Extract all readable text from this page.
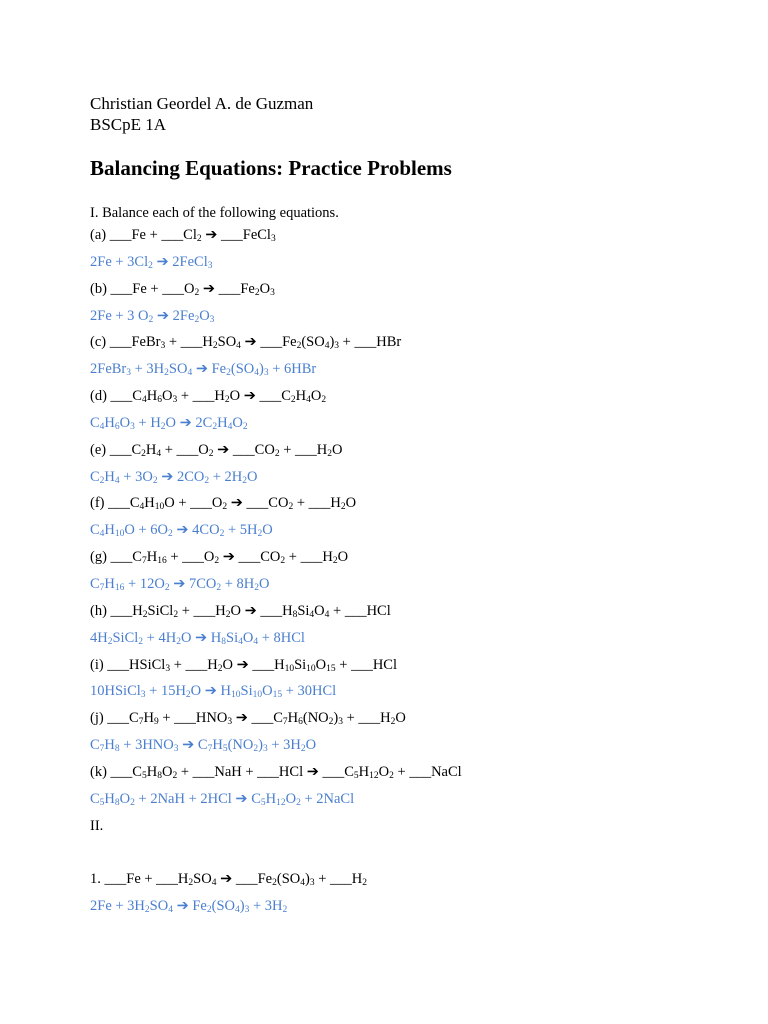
Christian Geordel A. de Guzman
BSCpE 1A
Balancing Equations: Practice Problems
I. Balance each of the following equations.
(a) ___Fe + $\_\_\_Cl_2$ ➔ ___FeCl$_3$
$2Fe + 3Cl_2$ ➔ 2FeCl$_3$
(b) ___Fe + $\_\_\_O_2$ ➔ $\_\_\_Fe_2O_3$
2Fe + 3 $O_2$ ➔ $2Fe_2O_3$
(c) ___FeBr$_3$ + $\_\_\_H_2SO_4$ ➔ $\_\_\_Fe_2(SO_4)_3$ + ___HBr
2FeBr$_3$ + $3H_2SO_4$ ➔ $Fe_2(SO_4)_3 + 6HBr$
(d) $\_\_\_C_4H_6O_3$ + $\_\_\_H_2O$ ➔ $\_\_\_C_2H_4O_2$
$C_4H_6O_3 + H_2O$ ➔ $2C_2H_4O_2$
(e) $\_\_\_C_2H_4$ + $\_\_\_O_2$ ➔ $\_\_\_CO_2$ + $\_\_\_H_2O$
$C_2H_4 + 3O_2$ ➔ $2CO_2 + 2H_2O$
(f) $\_\_\_C_4H_{10}O$ + $\_\_\_O_2$ ➔ $\_\_\_CO_2$ + $\_\_\_H_2O$
$C_4H_{10}O + 6O_2$ ➔ $4CO_2 + 5H_2O$
(g) $\_\_\_C_7H_{16}$ + $\_\_\_O_2$ ➔ $\_\_\_CO_2$ + $\_\_\_H_2O$
$C_7H_{16} + 12O_2$ ➔ $7CO_2 + 8H_2O$
(h) $\_\_\_H_2SiCl_2$ + $\_\_\_H_2O$ ➔ $\_\_\_H_8Si_4O_4$ + ___HCl
$4H_2SiCl_2 + 4H_2O$ ➔ $H_8Si_4O_4 + 8HCl$
(i) ___HSiCl$_3$ + $\_\_\_H_2O$ ➔ $\_\_\_H_{10}Si_{10}O_{15}$ + ___HCl
10HSiCl$_3$ + $15H_2O$ ➔ $H_{10}Si_{10}O_{15} + 30HCl$
(j) $\_\_\_C_7H_9$ + $\_\_\_HNO_3$ ➔ $\_\_\_C_7H_6(NO_2)_3$ + $\_\_\_H_2O$
$C_7H_8 + 3HNO_3$ ➔ $C_7H_5(NO_2)_3 + 3H_2O$
(k) $\_\_\_C_5H_8O_2$ + ___NaH + ___HCl ➔ $\_\_\_C_5H_{12}O_2$ + ___NaCl
$C_5H_8O_2 + 2NaH + 2HCl$ ➔ $C_5H_{12}O_2$ + 2NaCl
II.
1. ___Fe + $\_\_\_H_2SO_4$ ➔ $\_\_\_Fe_2(SO_4)_3$ + $\_\_\_H_2$
$2Fe + 3H_2SO_4$ ➔ $Fe_2(SO_4)_3 + 3H_2$
